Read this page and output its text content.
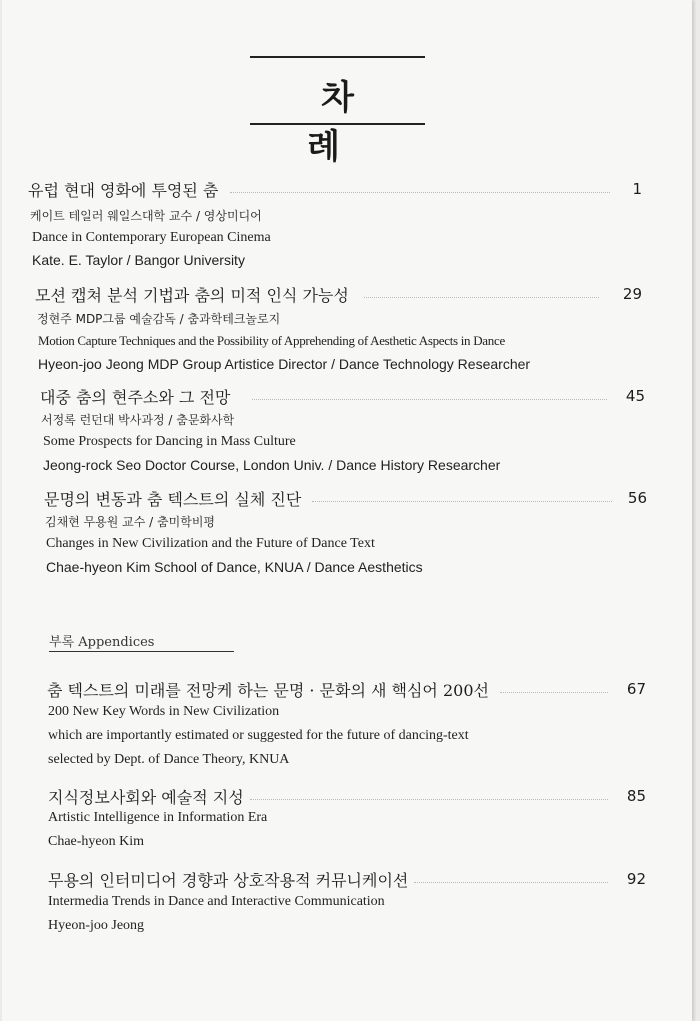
차 례
유럽 현대 영화에 투영된 춤	1
케이트 테일러 웨일스대학 교수 / 영상미디어
Dance in Contemporary European Cinema
Kate. E. Taylor / Bangor University
모션 캡쳐 분석 기법과 춤의 미적 인식 가능성	29
정현주 MDP그룹 예술감독 / 춤과학테크놀로지
Motion Capture Techniques and the Possibility of Apprehending of Aesthetic Aspects in Dance
Hyeon-joo Jeong MDP Group Artistice Director / Dance Technology Researcher
대중 춤의 현주소와 그 전망	45
서정록 런던대 박사과정 / 춤문화사학
Some Prospects for Dancing in Mass Culture
Jeong-rock Seo Doctor Course, London Univ. / Dance History Researcher
문명의 변동과 춤 텍스트의 실체 진단	56
김채현 무용원 교수 / 춤미학비평
Changes in New Civilization and the Future of Dance Text
Chae-hyeon Kim School of Dance, KNUA / Dance Aesthetics
부록 Appendices
춤 텍스트의 미래를 전망케 하는 문명 · 문화의 새 핵심어 200선	67
200 New Key Words in New Civilization
which are importantly estimated or suggested for the future of dancing-text
selected by Dept. of Dance Theory, KNUA
지식정보사회와 예술적 지성	85
Artistic Intelligence in Information Era
Chae-hyeon Kim
무용의 인터미디어 경향과 상호작용적 커뮤니케이션	92
Intermedia Trends in Dance and Interactive Communication
Hyeon-joo Jeong
